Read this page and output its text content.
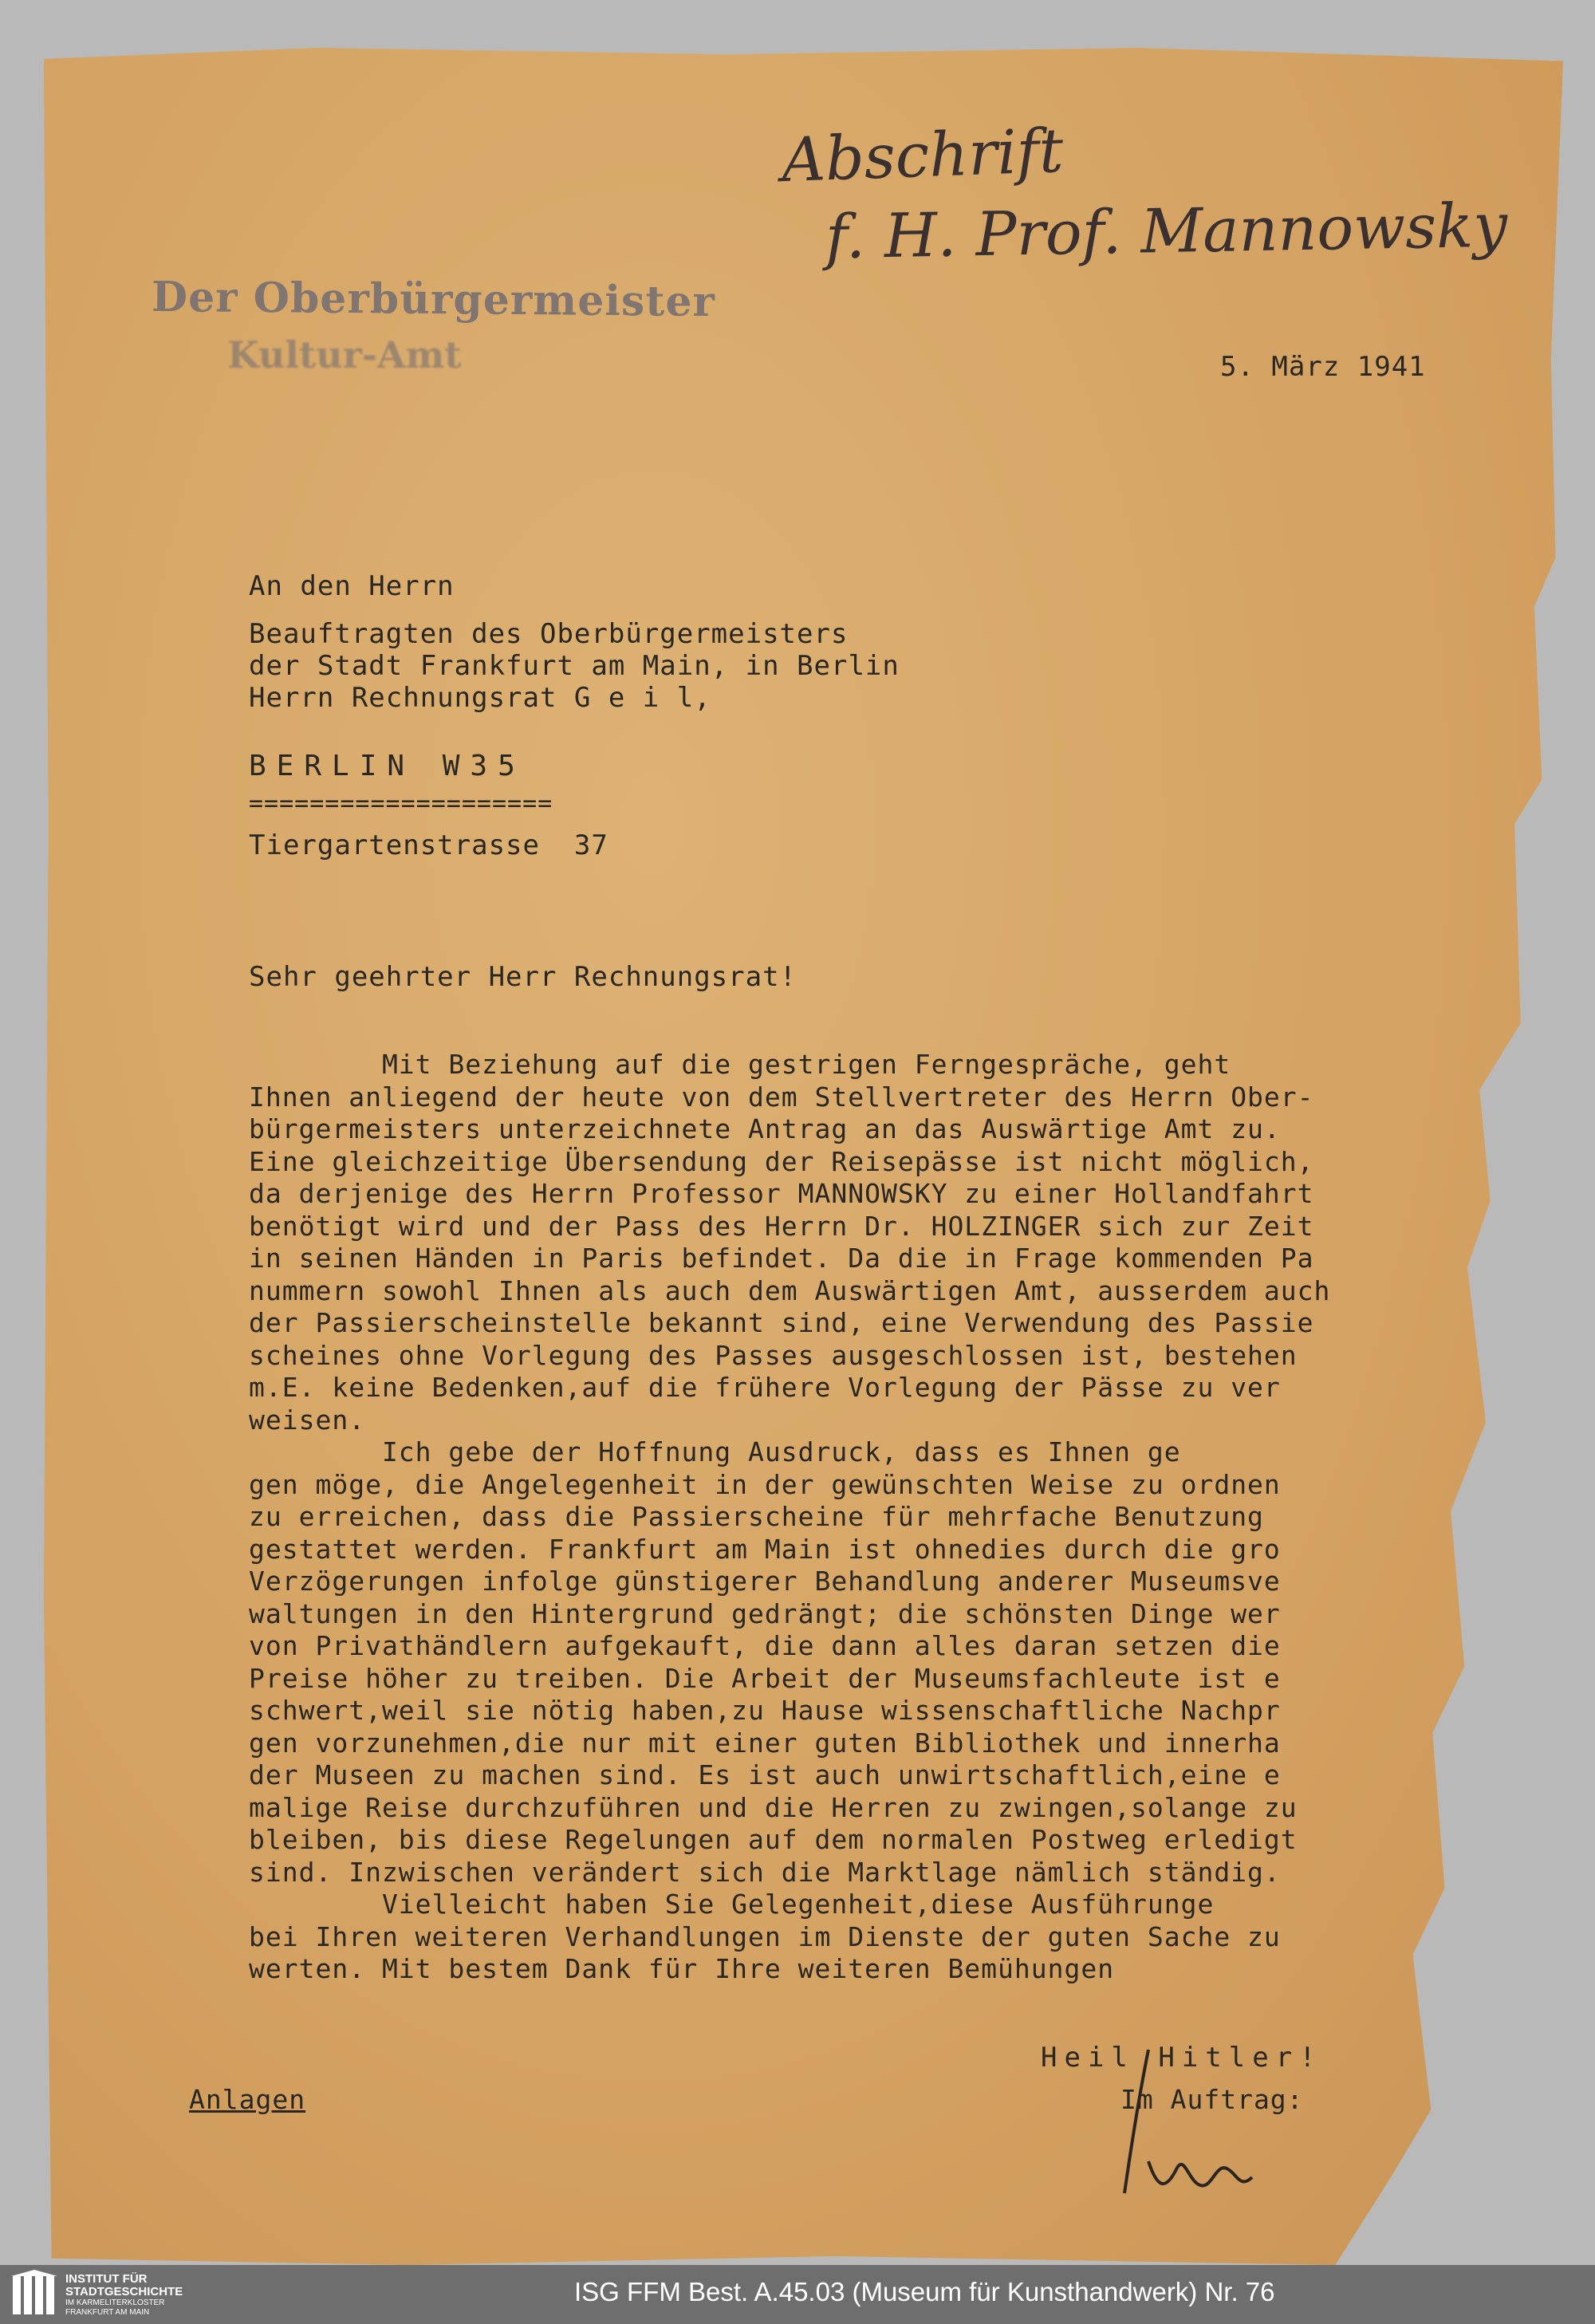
Abschrift
f. H. Prof. Mannowsky
Der Oberbürgermeister
Kultur-Amt	5. März 1941
An den Herrn
Beauftragten des Oberbürgermeisters
der Stadt Frankfurt am Main, in Berlin
Herrn Rechnungsrat G e i l,
BERLIN W35
====================
Tiergartenstrasse  37
Sehr geehrter Herr Rechnungsrat!
Mit Beziehung auf die gestrigen Ferngespräche, geht
Ihnen anliegend der heute von dem Stellvertreter des Herrn Ober-
bürgermeisters unterzeichnete Antrag an das Auswärtige Amt zu.
Eine gleichzeitige Übersendung der Reisepässe ist nicht möglich,
da derjenige des Herrn Professor MANNOWSKY zu einer Hollandfahrt
benötigt wird und der Pass des Herrn Dr. HOLZINGER sich zur Zeit
in seinen Händen in Paris befindet. Da die in Frage kommenden Pa
nummern sowohl Ihnen als auch dem Auswärtigen Amt, ausserdem auch
der Passierscheinstelle bekannt sind, eine Verwendung des Passie
scheines ohne Vorlegung des Passes ausgeschlossen ist, bestehen
m.E. keine Bedenken,auf die frühere Vorlegung der Pässe zu ver
weisen.
Ich gebe der Hoffnung Ausdruck, dass es Ihnen ge
gen möge, die Angelegenheit in der gewünschten Weise zu ordnen
zu erreichen, dass die Passierscheine für mehrfache Benutzung
gestattet werden. Frankfurt am Main ist ohnedies durch die gro
Verzögerungen infolge günstigerer Behandlung anderer Museumsve
waltungen in den Hintergrund gedrängt; die schönsten Dinge wer
von Privathändlern aufgekauft, die dann alles daran setzen die
Preise höher zu treiben. Die Arbeit der Museumsfachleute ist e
schwert,weil sie nötig haben,zu Hause wissenschaftliche Nachpr
gen vorzunehmen,die nur mit einer guten Bibliothek und innerha
der Museen zu machen sind. Es ist auch unwirtschaftlich,eine e
malige Reise durchzuführen und die Herren zu zwingen,solange zu
bleiben, bis diese Regelungen auf dem normalen Postweg erledigt
sind. Inzwischen verändert sich die Marktlage nämlich ständig.
Vielleicht haben Sie Gelegenheit,diese Ausführunge
bei Ihren weiteren Verhandlungen im Dienste der guten Sache zu
werten. Mit bestem Dank für Ihre weiteren Bemühungen
Heil Hitler!
Im Auftrag:
Anlagen
INSTITUT FÜR
STADTGESCHICHTE
IM KARMELITERKLOSTER
FRANKFURT AM MAIN
ISG FFM Best. A.45.03 (Museum für Kunsthandwerk) Nr. 76
